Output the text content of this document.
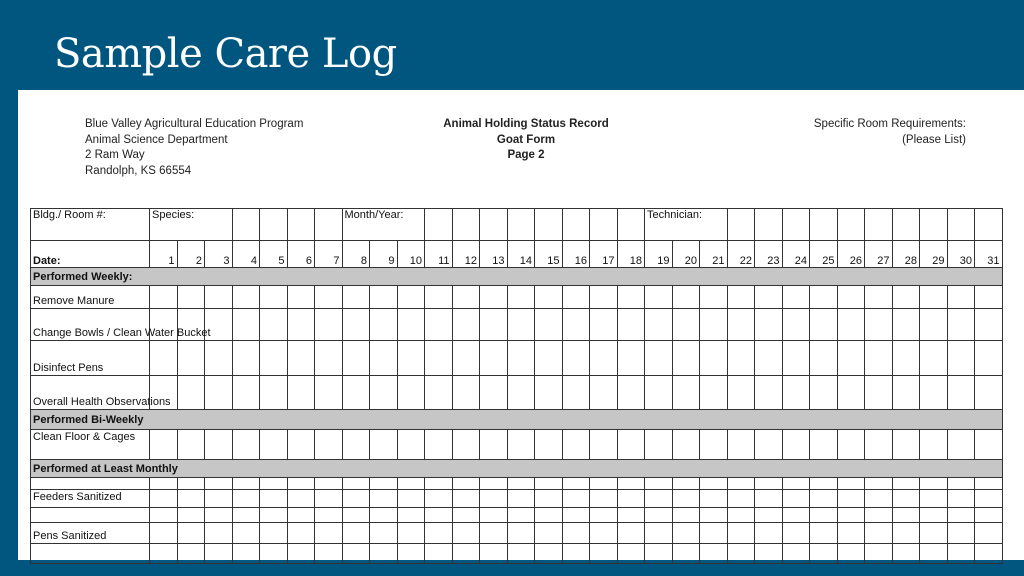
Sample Care Log
Blue Valley Agricultural Education Program
Animal Science Department
2 Ram Way
Randolph, KS 66554
Animal Holding Status Record
Goat Form
Page 2
Specific Room Requirements:
(Please List)
Bldg./ Room #:	Species:							Month/Year:											Technician:												
Date:	1	2	3	4	5	6	7	8	9	10	11	12	13	14	15	16	17	18	19	20	21	22	23	24	25	26	27	28	29	30	31
Performed Weekly:																															
Remove Manure																															
Change Bowls / Clean Water Bucket																															
Disinfect Pens																															
Overall Health Observations																															
Performed Bi-Weekly																															
Clean Floor & Cages																															
Performed at Least Monthly																															

Feeders Sanitized																															

Pens Sanitized																															
